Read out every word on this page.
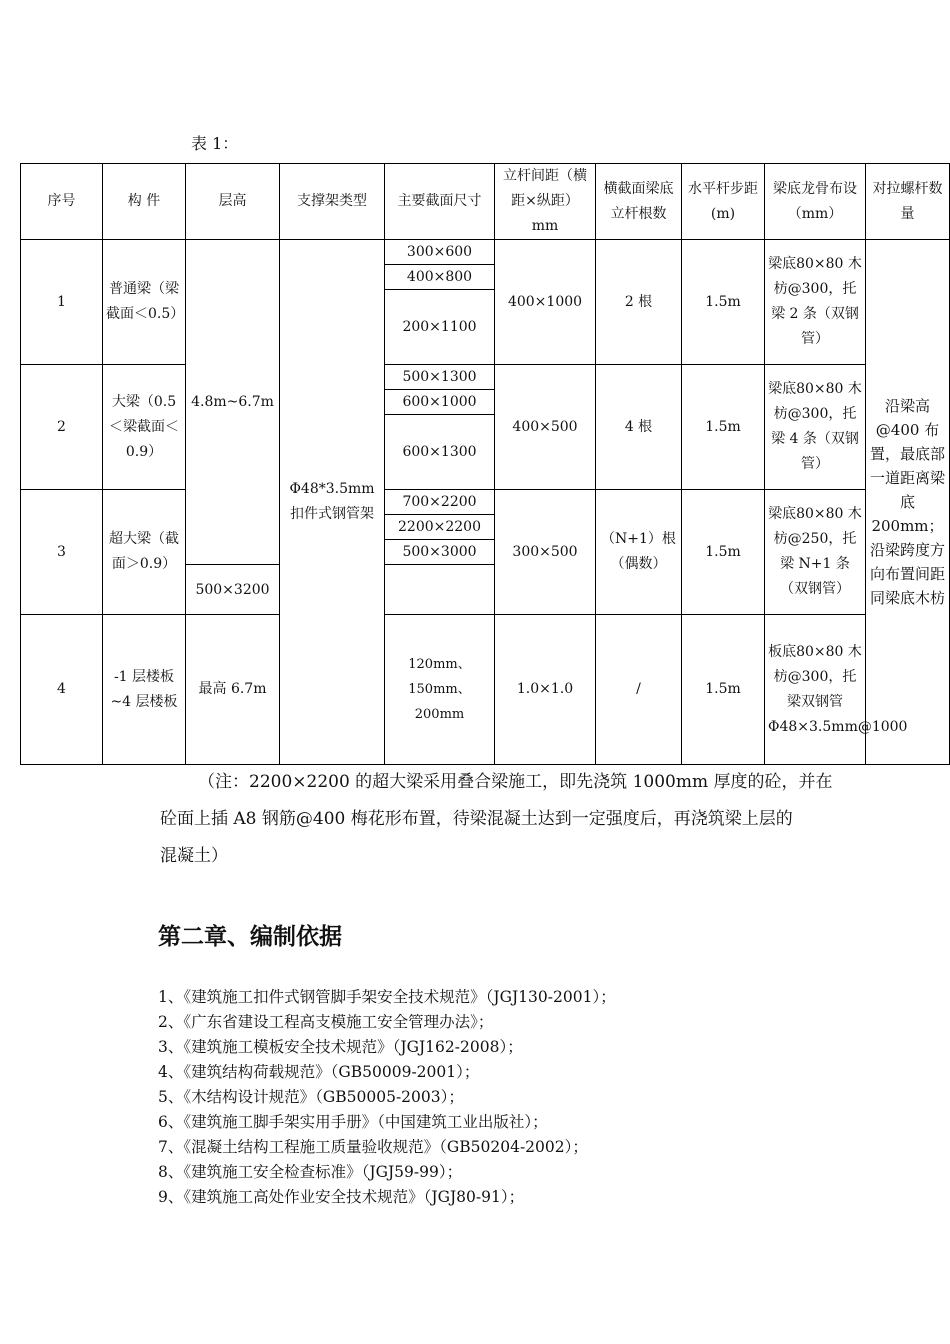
表 1：
序号	构 件	层高	支撑架类型	主要截面尺寸	立杆间距（横距×纵距）mm	横截面梁底立杆根数	水平杆步距(m)	梁底龙骨布设（mm）	对拉螺杆数量	
1	普通梁（梁截面＜0.5）	4.8m~6.7m	Φ48*3.5mm 扣件式钢管架	300×600	400×1000	2 根	1.5m	梁底80×80 木枋@300，托梁 2 条（双钢管）	沿梁高@400 布置，最底部一道距离梁底 200mm；沿梁跨度方向布置间距同梁底木枋	
				400×800						
				200×1100						
2	大梁（0.5＜梁截面＜0.9）			500×1300	400×500	4 根	1.5m	梁底80×80 木枋@300，托梁 4 条（双钢管）		
				600×1000						
				600×1300						
3	超大梁（截面＞0.9）			700×2200	300×500	（N+1）根（偶数）	1.5m	梁底80×80 木枋@250，托梁 N+1 条（双钢管）		
				2200×2200						
				500×3000						
		500×3200								
4	-1 层楼板~4 层楼板	最高 6.7m		120mm、150mm、200mm	1.0×1.0	/	1.5m	板底80×80 木枋@300，托梁双钢管Φ48×3.5mm@1000	
（注：2200×2200 的超大梁采用叠合梁施工，即先浇筑 1000mm 厚度的砼，并在
砼面上插 A8 钢筋@400 梅花形布置，待梁混凝土达到一定强度后，再浇筑梁上层的
混凝土）
第二章、编制依据
1、《建筑施工扣件式钢管脚手架安全技术规范》（JGJ130-2001）；
2、《广东省建设工程高支模施工安全管理办法》；
3、《建筑施工模板安全技术规范》（JGJ162-2008）；
4、《建筑结构荷载规范》（GB50009-2001）；
5、《木结构设计规范》（GB50005-2003）；
6、《建筑施工脚手架实用手册》（中国建筑工业出版社）；
7、《混凝土结构工程施工质量验收规范》（GB50204-2002）；
8、《建筑施工安全检查标准》（JGJ59-99）；
9、《建筑施工高处作业安全技术规范》（JGJ80-91）；
